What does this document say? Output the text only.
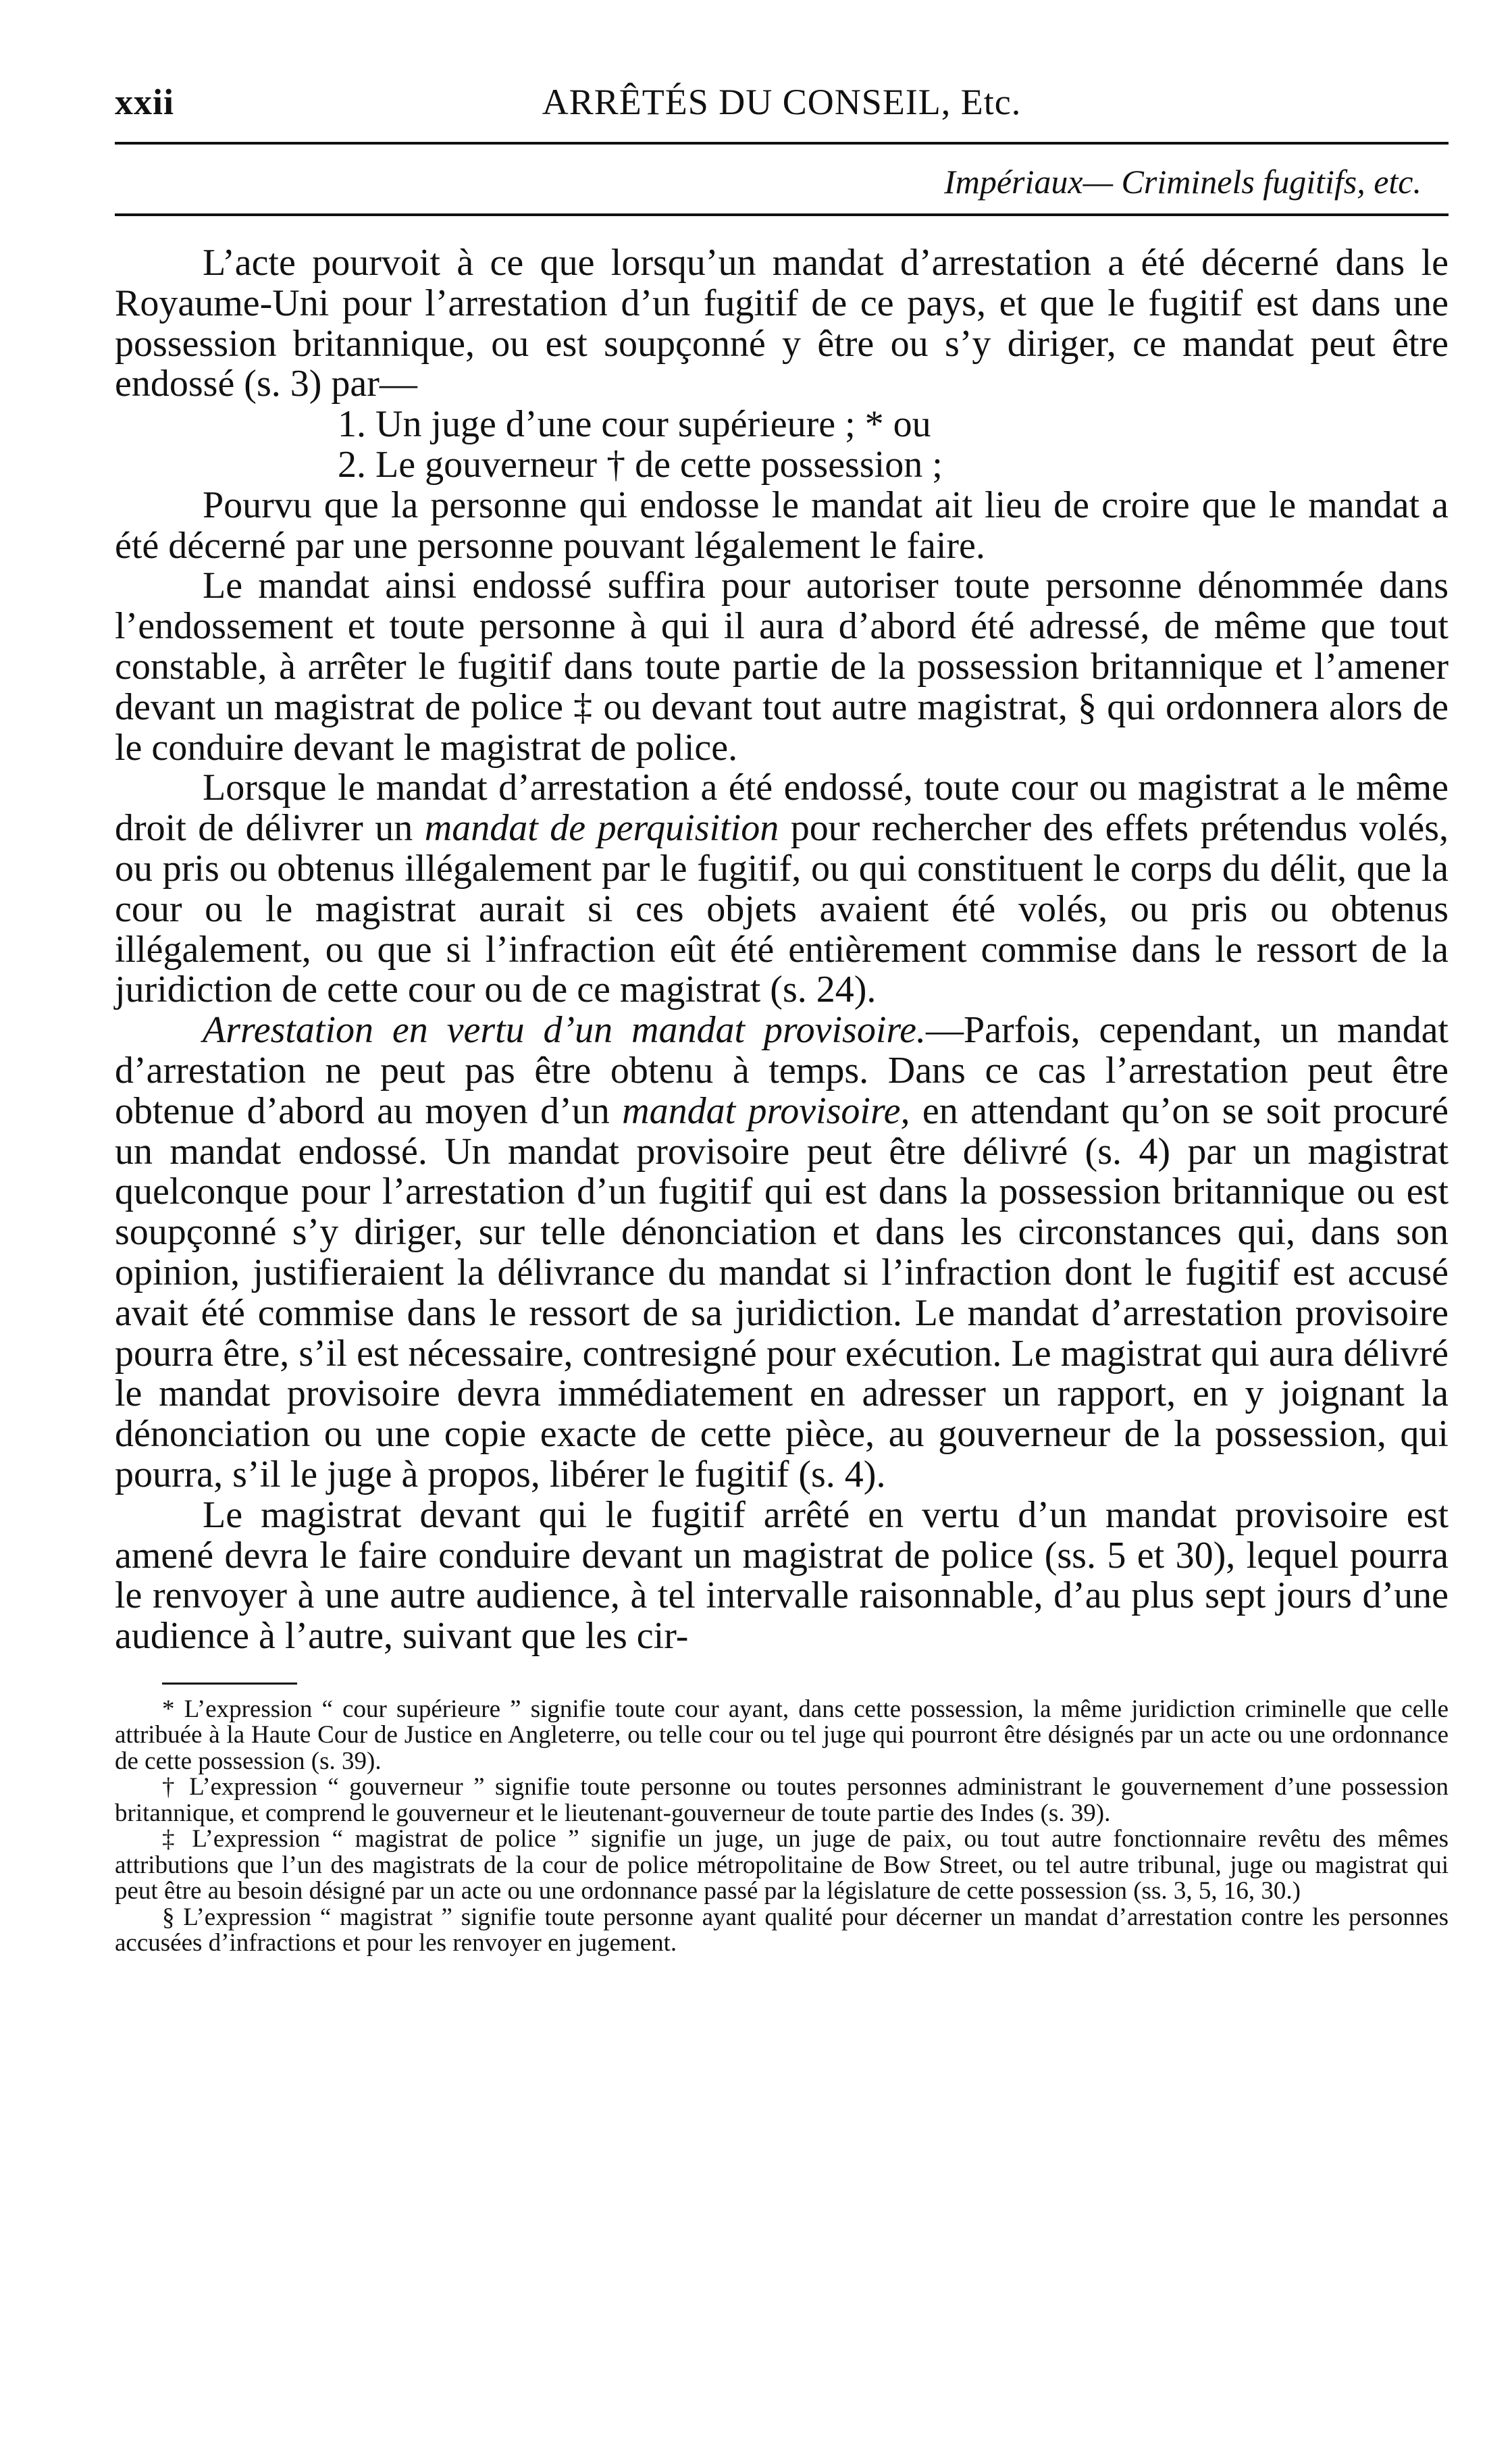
xxii	ARRÊTÉS DU CONSEIL, Etc.
Impériaux— Criminels fugitifs, etc.

L’acte pourvoit à ce que lorsqu’un mandat d’arrestation a été décerné dans le Royaume-Uni pour l’arrestation d’un fugitif de ce pays, et que le fugitif est dans une possession britannique, ou est soupçonné y être ou s’y diriger, ce mandat peut être endossé (s. 3) par—

1. Un juge d’une cour supérieure ; * ou

2. Le gouverneur † de cette possession ;

Pourvu que la personne qui endosse le mandat ait lieu de croire que le mandat a été décerné par une personne pouvant légalement le faire.

Le mandat ainsi endossé suffira pour autoriser toute personne dénommée dans l’endossement et toute personne à qui il aura d’abord été adressé, de même que tout constable, à arrêter le fugitif dans toute partie de la possession britannique et l’amener devant un magistrat de police ‡ ou devant tout autre magistrat, § qui ordonnera alors de le conduire devant le magistrat de police.

Lorsque le mandat d’arrestation a été endossé, toute cour ou magistrat a le même droit de délivrer un mandat de perquisition pour rechercher des effets prétendus volés, ou pris ou obtenus illégalement par le fugitif, ou qui constituent le corps du délit, que la cour ou le magistrat aurait si ces objets avaient été volés, ou pris ou obtenus illégalement, ou que si l’infraction eût été entièrement commise dans le ressort de la juridiction de cette cour ou de ce magistrat (s. 24).

Arrestation en vertu d’un mandat provisoire.—Parfois, cependant, un mandat d’arrestation ne peut pas être obtenu à temps. Dans ce cas l’arrestation peut être obtenue d’abord au moyen d’un mandat provisoire, en attendant qu’on se soit procuré un mandat endossé. Un mandat provisoire peut être délivré (s. 4) par un magistrat quelconque pour l’arrestation d’un fugitif qui est dans la possession britannique ou est soupçonné s’y diriger, sur telle dénonciation et dans les circonstances qui, dans son opinion, justifieraient la délivrance du mandat si l’infraction dont le fugitif est accusé avait été commise dans le ressort de sa juridiction. Le mandat d’arrestation provisoire pourra être, s’il est nécessaire, contresigné pour exécution. Le magistrat qui aura délivré le mandat provisoire devra immédiatement en adresser un rapport, en y joignant la dénonciation ou une copie exacte de cette pièce, au gouverneur de la possession, qui pourra, s’il le juge à propos, libérer le fugitif (s. 4).

Le magistrat devant qui le fugitif arrêté en vertu d’un mandat provisoire est amené devra le faire conduire devant un magistrat de police (ss. 5 et 30), lequel pourra le renvoyer à une autre audience, à tel intervalle raisonnable, d’au plus sept jours d’une audience à l’autre, suivant que les cir-

* L’expression “ cour supérieure ” signifie toute cour ayant, dans cette possession, la même juridiction criminelle que celle attribuée à la Haute Cour de Justice en Angleterre, ou telle cour ou tel juge qui pourront être désignés par un acte ou une ordonnance de cette possession (s. 39).

† L’expression “ gouverneur ” signifie toute personne ou toutes personnes administrant le gouvernement d’une possession britannique, et comprend le gouverneur et le lieutenant-gouverneur de toute partie des Indes (s. 39).

‡ L’expression “ magistrat de police ” signifie un juge, un juge de paix, ou tout autre fonctionnaire revêtu des mêmes attributions que l’un des magistrats de la cour de police métropolitaine de Bow Street, ou tel autre tribunal, juge ou magistrat qui peut être au besoin désigné par un acte ou une ordonnance passé par la législature de cette possession (ss. 3, 5, 16, 30.)

§ L’expression “ magistrat ” signifie toute personne ayant qualité pour décerner un mandat d’arrestation contre les personnes accusées d’infractions et pour les renvoyer en jugement.
